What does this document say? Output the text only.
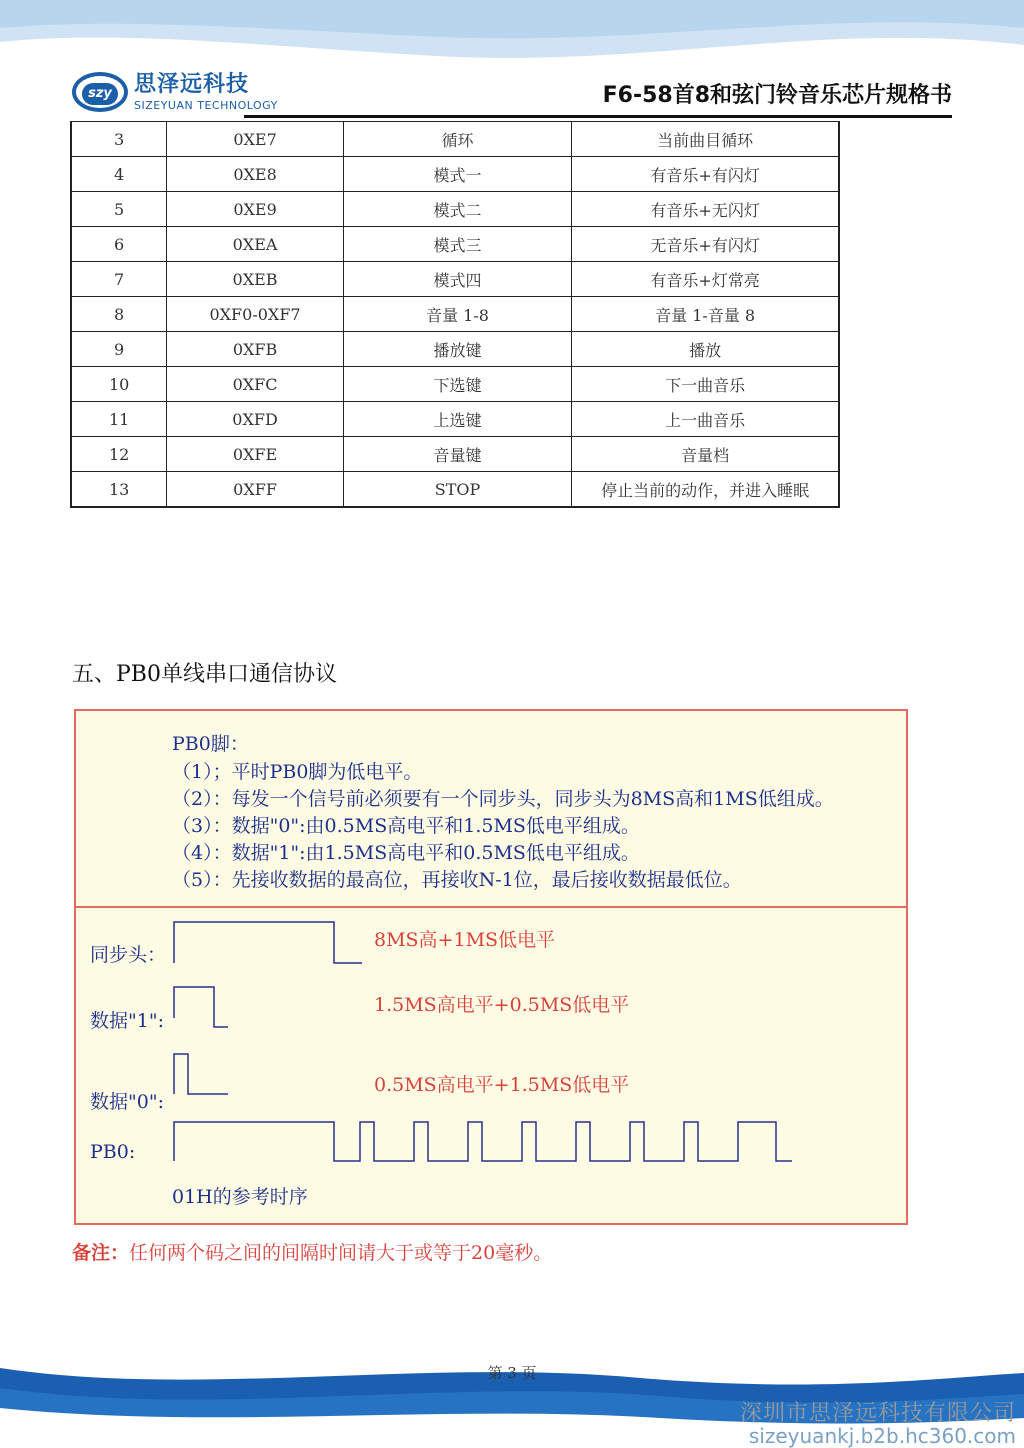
szy 思泽远科技
SIZEYUAN TECHNOLOGY	F6-58首8和弦门铃音乐芯片规格书
3	0XE7	循环	当前曲目循环
4	0XE8	模式一	有音乐+有闪灯
5	0XE9	模式二	有音乐+无闪灯
6	0XEA	模式三	无音乐+有闪灯
7	0XEB	模式四	有音乐+灯常亮
8	0XF0-0XF7	音量 1-8	音量 1-音量 8
9	0XFB	播放键	播放
10	0XFC	下选键	下一曲音乐
11	0XFD	上选键	上一曲音乐
12	0XFE	音量键	音量档
13	0XFF	STOP	停止当前的动作，并进入睡眠
五、PB0单线串口通信协议
PB0脚：
（1）；平时PB0脚为低电平。
（2）：每发一个信号前必须要有一个同步头，同步头为8MS高和1MS低组成。
（3）：数据"0":由0.5MS高电平和1.5MS低电平组成。
（4）：数据"1":由1.5MS高电平和0.5MS低电平组成。
（5）：先接收数据的最高位，再接收N-1位，最后接收数据最低位。
同步头：
8MS高+1MS低电平
数据"1":
1.5MS高电平+0.5MS低电平
数据"0":
0.5MS高电平+1.5MS低电平
PB0:
01H的参考时序
备注：任何两个码之间的间隔时间请大于或等于20毫秒。
第 3 页
深圳市思泽远科技有限公司
sizeyuankj.b2b.hc360.com
